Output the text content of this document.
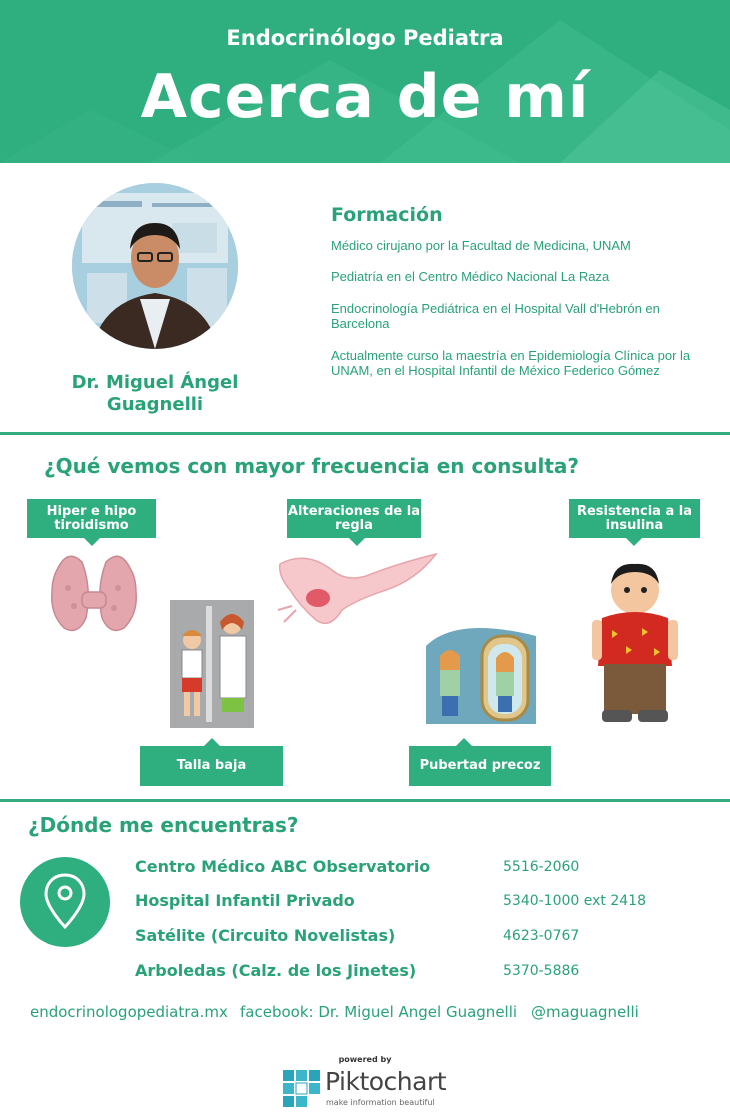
Endocrinólogo Pediatra
Acerca de mí
Dr. Miguel Ángel Guagnelli
Formación
Médico cirujano por la Facultad de Medicina, UNAM
Pediatría en el Centro Médico Nacional La Raza
Endocrinología Pediátrica en el Hospital Vall d'Hebrón en Barcelona
Actualmente curso la maestría en Epidemiología Clínica por la UNAM, en el Hospital Infantil de México Federico Gómez
¿Qué vemos con mayor frecuencia en consulta?
Hiper e hipo tiroidismo
Alteraciones de la regla
Resistencia a la insulina
Talla baja	Pubertad precoz
¿Dónde me encuentras?
Centro Médico ABC Observatorio	5516-2060
Hospital Infantil Privado	5340-1000 ext 2418
Satélite (Circuito Novelistas)	4623-0767
Arboledas (Calz. de los Jinetes)	5370-5886
endocrinologopediatra.mx facebook: Dr. Miguel Angel Guagnelli @maguagnelli
powered by
Piktochart
make information beautiful
